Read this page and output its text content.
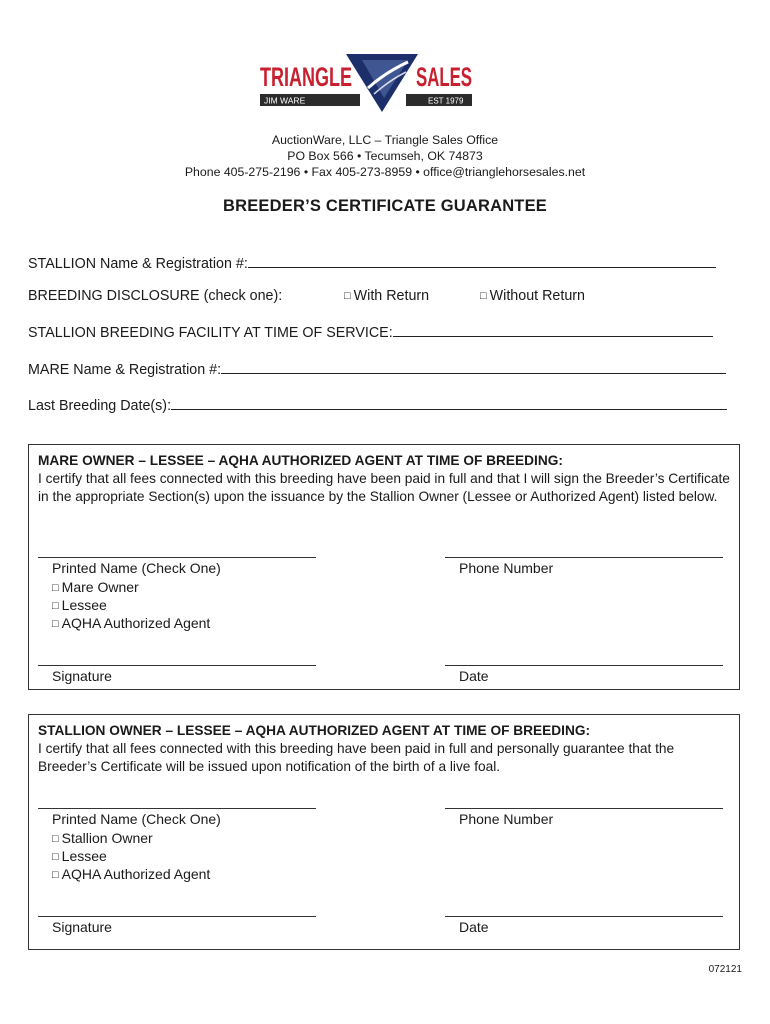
TRIANGLE SALES
JIM WARE	EST 1979
AuctionWare, LLC – Triangle Sales Office
PO Box 566 • Tecumseh, OK 74873
Phone 405-275-2196 • Fax 405-273-8959 • office@trianglehorsesales.net
BREEDER’S CERTIFICATE GUARANTEE
STALLION Name & Registration #:
BREEDING DISCLOSURE (check one):	□ With Return	□ Without Return
STALLION BREEDING FACILITY AT TIME OF SERVICE:
MARE Name & Registration #:
Last Breeding Date(s):
MARE OWNER – LESSEE – AQHA AUTHORIZED AGENT AT TIME OF BREEDING:
I certify that all fees connected with this breeding have been paid in full and that I will sign the Breeder’s Certificate in the appropriate Section(s) upon the issuance by the Stallion Owner (Lessee or Authorized Agent) listed below.
Printed Name (Check One)
□ Mare Owner
□ Lessee
□ AQHA Authorized Agent
Phone Number
Signature	Date
STALLION OWNER – LESSEE – AQHA AUTHORIZED AGENT AT TIME OF BREEDING:
I certify that all fees connected with this breeding have been paid in full and personally guarantee that the Breeder’s Certificate will be issued upon notification of the birth of a live foal.
Printed Name (Check One)
□ Stallion Owner
□ Lessee
□ AQHA Authorized Agent
Phone Number
Signature	Date
072121
